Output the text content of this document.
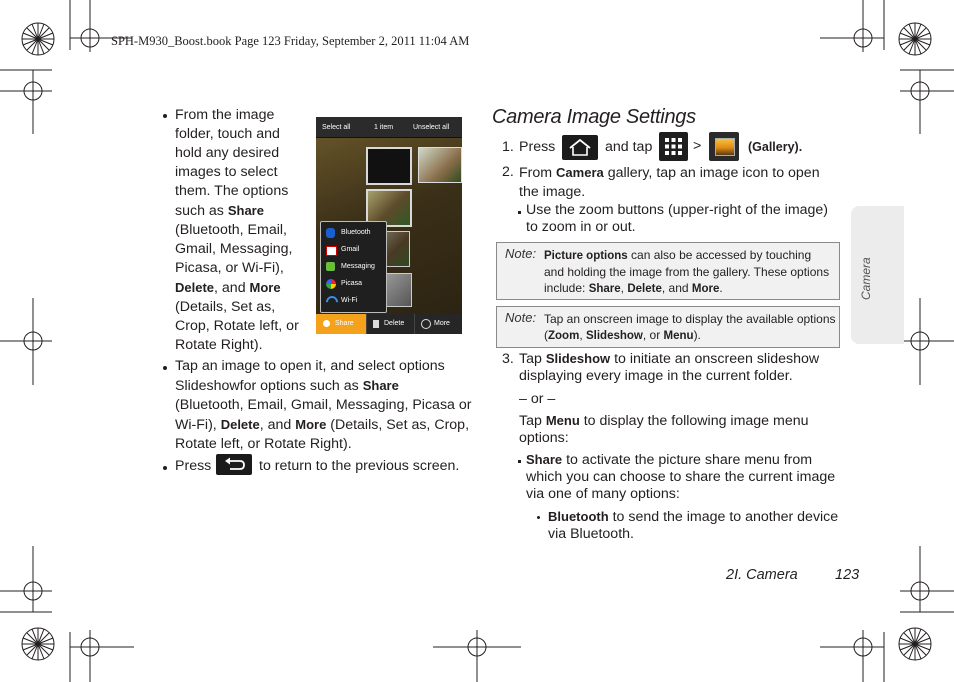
SPH-M930_Boost.book Page 123 Friday, September 2, 2011 11:04 AM
Camera
From the image
folder, touch and
hold any desired
images to select
them. The options
such as Share
(Bluetooth, Email,
Gmail, Messaging,
Picasa, or Wi-Fi),
Delete, and More
(Details, Set as,
Crop, Rotate left, or
Rotate Right).
Select all	1 item	Unselect all
Bluetooth
Gmail
Messaging
Picasa
Wi-Fi
Share	Delete	More
Tap an image to open it, and select options
Slideshowfor options such as Share
(Bluetooth, Email, Gmail, Messaging, Picasa or
Wi-Fi), Delete, and More (Details, Set as, Crop,
Rotate left, or Rotate Right).
Press	to return to the previous screen.
Camera Image Settings
1. Press	and tap	>	(Gallery).
2. From Camera gallery, tap an image icon to open
the image.
Use the zoom buttons (upper-right of the image)
to zoom in or out.
Note: Picture options can also be accessed by touching
and holding the image from the gallery. These options
include: Share, Delete, and More.
Note: Tap an onscreen image to display the available options
(Zoom, Slideshow, or Menu).
3. Tap Slideshow to initiate an onscreen slideshow
displaying every image in the current folder.
– or –
Tap Menu to display the following image menu
options:
Share to activate the picture share menu from
which you can choose to share the current image
via one of many options:
Bluetooth to send the image to another device
via Bluetooth.
2I. Camera	123
